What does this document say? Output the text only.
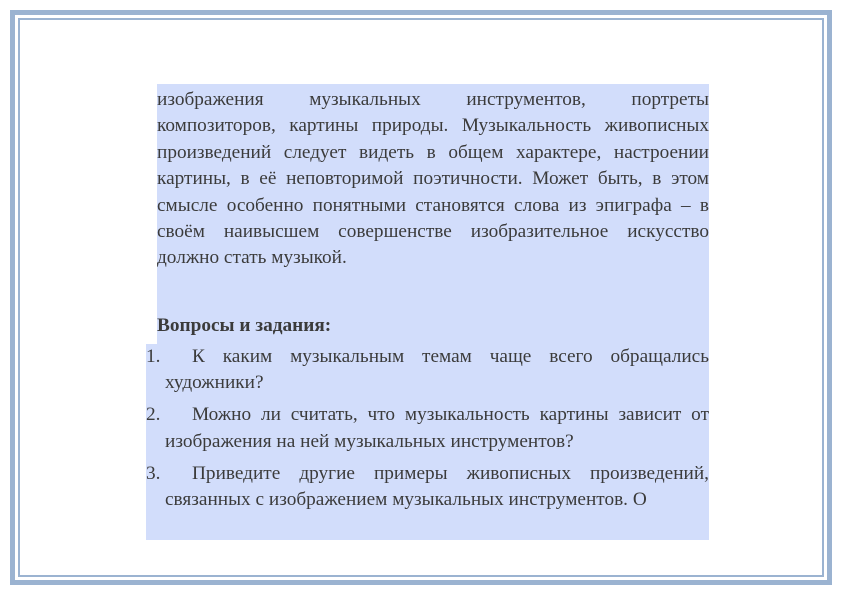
изображения музыкальных инструментов, портреты композиторов, картины природы. Музыкальность живописных произведений следует видеть в общем характере, настроении картины, в её неповторимой поэтичности. Может быть, в этом смысле особенно понятными становятся слова из эпиграфа – в своём наивысшем совершенстве изобразительное искусство должно стать музыкой.

Вопросы и задания:

1. К каким музыкальным темам чаще всего обращались художники?
2. Можно ли считать, что музыкальность картины зависит от изображения на ней музыкальных инструментов?
3. Приведите другие примеры живописных произведений, связанных с изображением музыкальных инструментов. О
